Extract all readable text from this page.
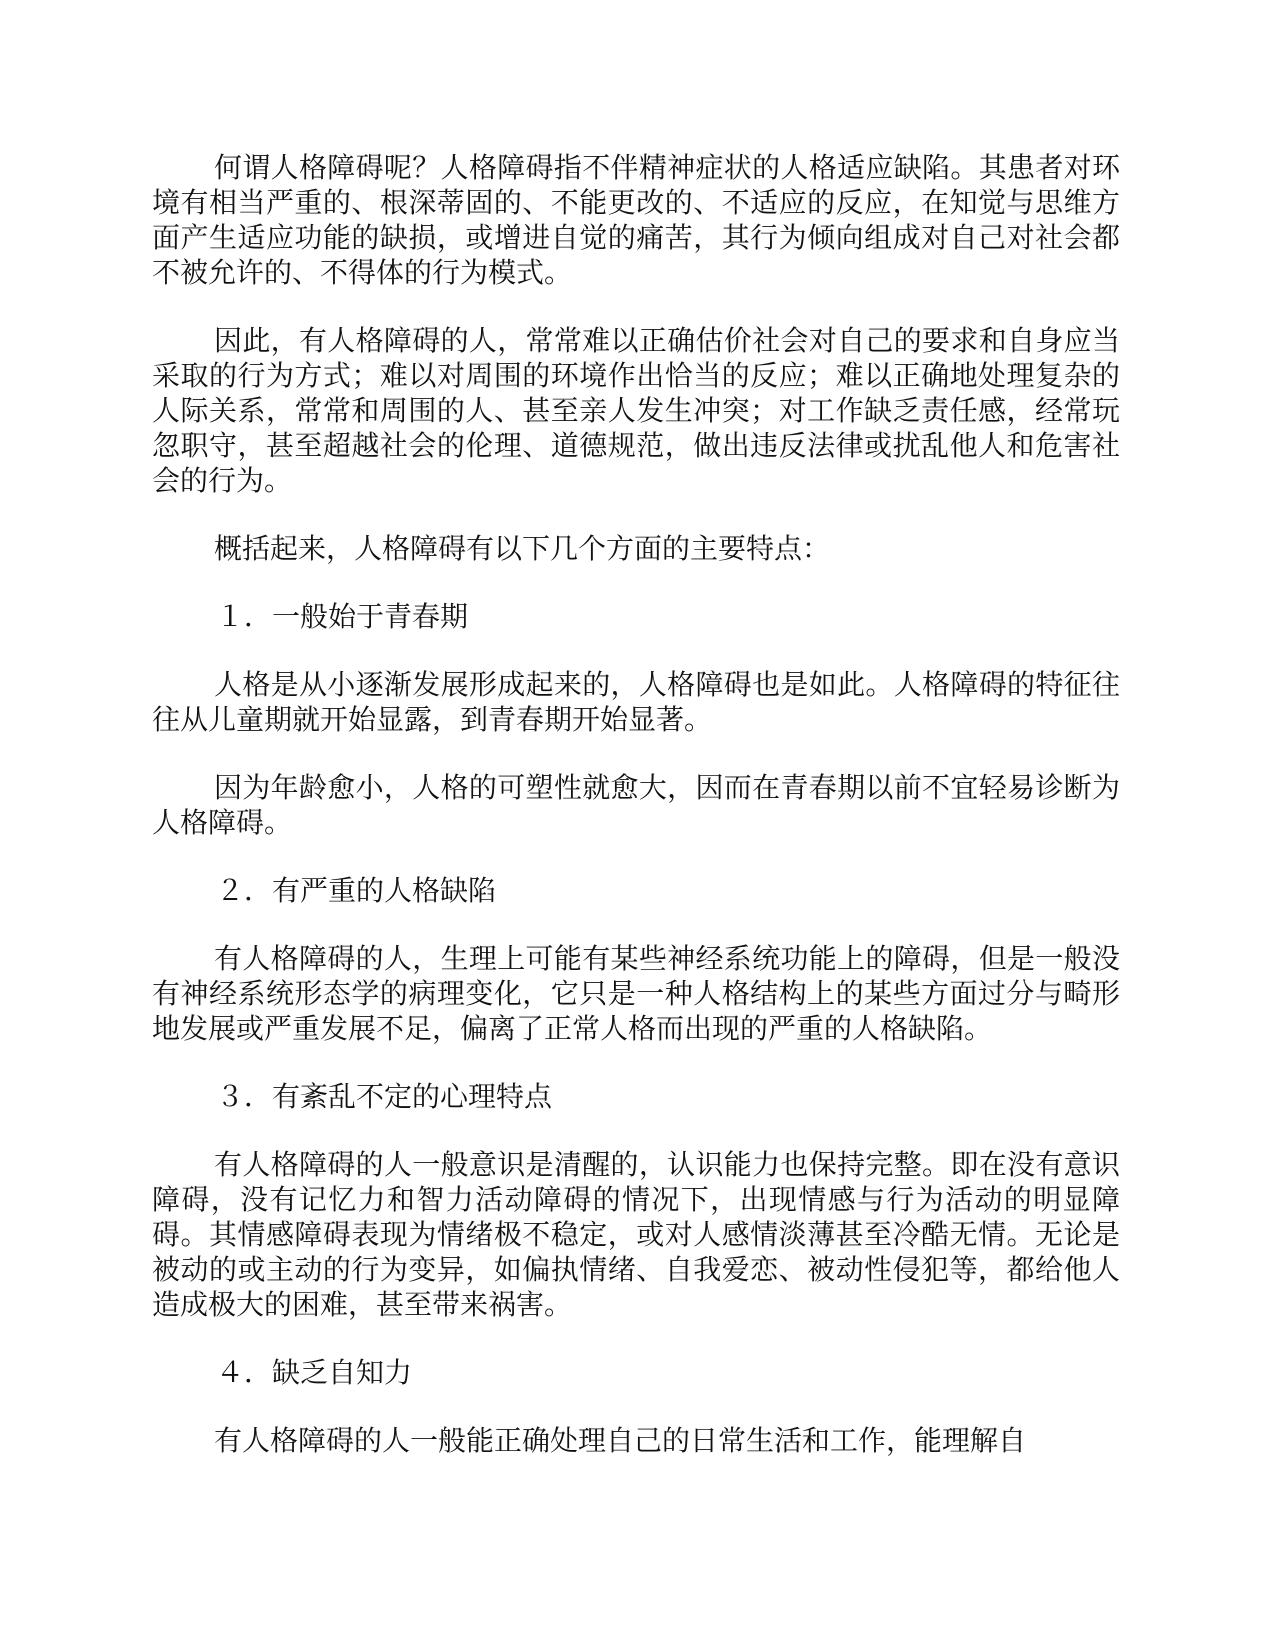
何谓人格障碍呢？人格障碍指不伴精神症状的人格适应缺陷。其患者对环境有相当严重的、根深蒂固的、不能更改的、不适应的反应，在知觉与思维方面产生适应功能的缺损，或增进自觉的痛苦，其行为倾向组成对自己对社会都不被允许的、不得体的行为模式。

因此，有人格障碍的人，常常难以正确估价社会对自己的要求和自身应当采取的行为方式；难以对周围的环境作出恰当的反应；难以正确地处理复杂的人际关系，常常和周围的人、甚至亲人发生冲突；对工作缺乏责任感，经常玩忽职守，甚至超越社会的伦理、道德规范，做出违反法律或扰乱他人和危害社会的行为。

概括起来，人格障碍有以下几个方面的主要特点：

１．一般始于青春期

人格是从小逐渐发展形成起来的，人格障碍也是如此。人格障碍的特征往往从儿童期就开始显露，到青春期开始显著。

因为年龄愈小，人格的可塑性就愈大，因而在青春期以前不宜轻易诊断为人格障碍。

２．有严重的人格缺陷

有人格障碍的人，生理上可能有某些神经系统功能上的障碍，但是一般没有神经系统形态学的病理变化，它只是一种人格结构上的某些方面过分与畸形地发展或严重发展不足，偏离了正常人格而出现的严重的人格缺陷。

３．有紊乱不定的心理特点

有人格障碍的人一般意识是清醒的，认识能力也保持完整。即在没有意识障碍，没有记忆力和智力活动障碍的情况下，出现情感与行为活动的明显障碍。其情感障碍表现为情绪极不稳定，或对人感情淡薄甚至冷酷无情。无论是被动的或主动的行为变异，如偏执情绪、自我爱恋、被动性侵犯等，都给他人造成极大的困难，甚至带来祸害。

４．缺乏自知力

有人格障碍的人一般能正确处理自己的日常生活和工作，能理解自
